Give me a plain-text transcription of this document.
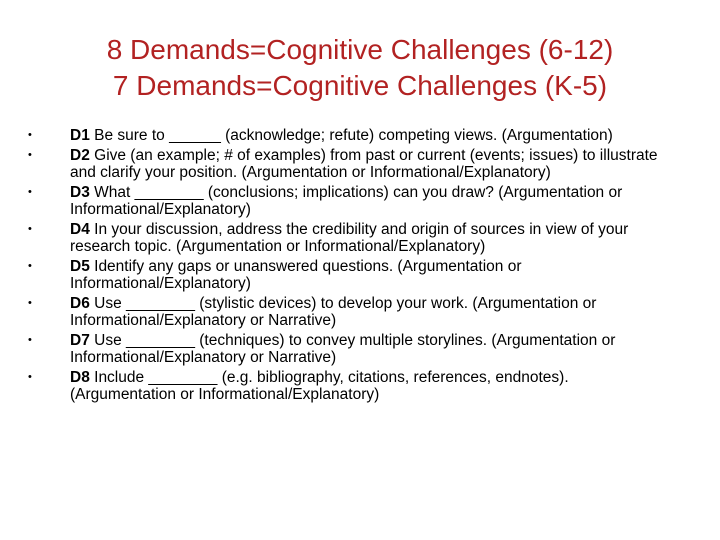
8 Demands=Cognitive Challenges (6-12)
7 Demands=Cognitive Challenges (K-5)
•	D1 Be sure to ______ (acknowledge; refute) competing views. (Argumentation)
•	D2 Give (an example; # of examples) from past or current (events; issues) to illustrate and clarify your position. (Argumentation or Informational/Explanatory)
•	D3 What ________ (conclusions; implications) can you draw? (Argumentation or Informational/Explanatory)
•	D4 In your discussion, address the credibility and origin of sources in view of your research topic. (Argumentation or Informational/Explanatory)
•	D5 Identify any gaps or unanswered questions. (Argumentation or Informational/Explanatory)
•	D6 Use ________ (stylistic devices) to develop your work. (Argumentation or Informational/Explanatory or Narrative)
•	D7 Use ________ (techniques) to convey multiple storylines. (Argumentation or Informational/Explanatory or Narrative)
•	D8 Include ________ (e.g. bibliography, citations, references, endnotes). (Argumentation or Informational/Explanatory)
